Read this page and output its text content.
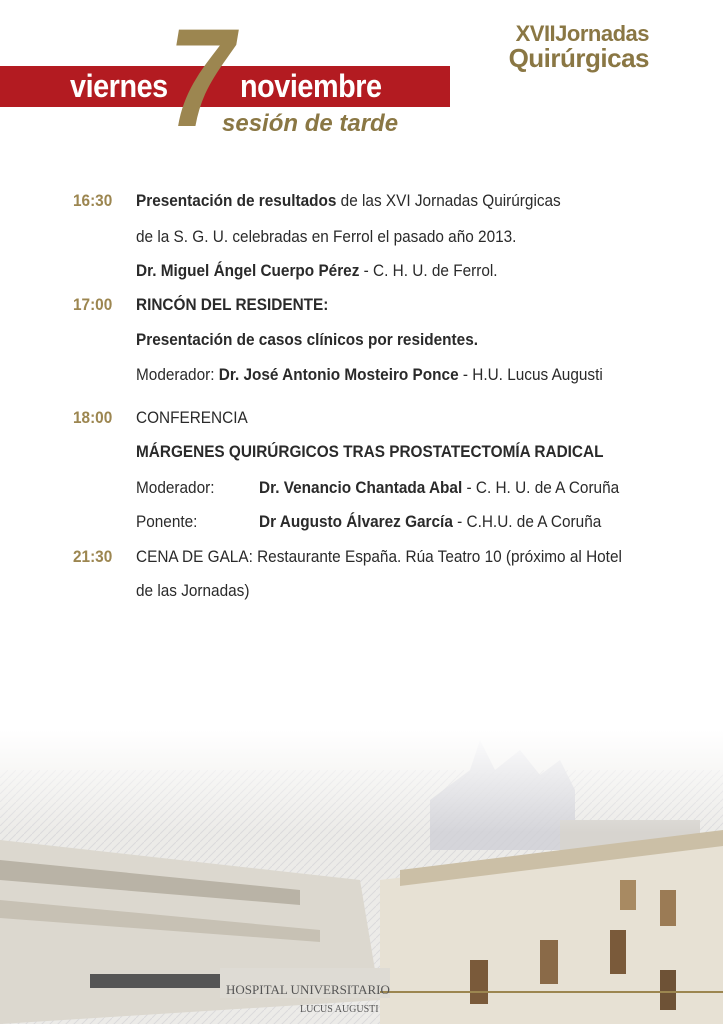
7
viernes noviembre
sesión de tarde
XVIIJornadas
Quirúrgicas
16:30 Presentación de resultados de las XVI Jornadas Quirúrgicas
de la S. G. U. celebradas en Ferrol el pasado año 2013.
Dr. Miguel Ángel Cuerpo Pérez - C. H. U. de Ferrol.
17:00 RINCÓN DEL RESIDENTE:
Presentación de casos clínicos por residentes.
Moderador: Dr. José Antonio Mosteiro Ponce - H.U. Lucus Augusti
18:00 CONFERENCIA
MÁRGENES QUIRÚRGICOS TRAS PROSTATECTOMÍA RADICAL
Moderador:	Dr. Venancio Chantada Abal - C. H. U. de A Coruña
Ponente:	Dr Augusto Álvarez García - C.H.U. de A Coruña
21:30 CENA DE GALA: Restaurante España. Rúa Teatro 10 (próximo al Hotel
de las Jornadas)
